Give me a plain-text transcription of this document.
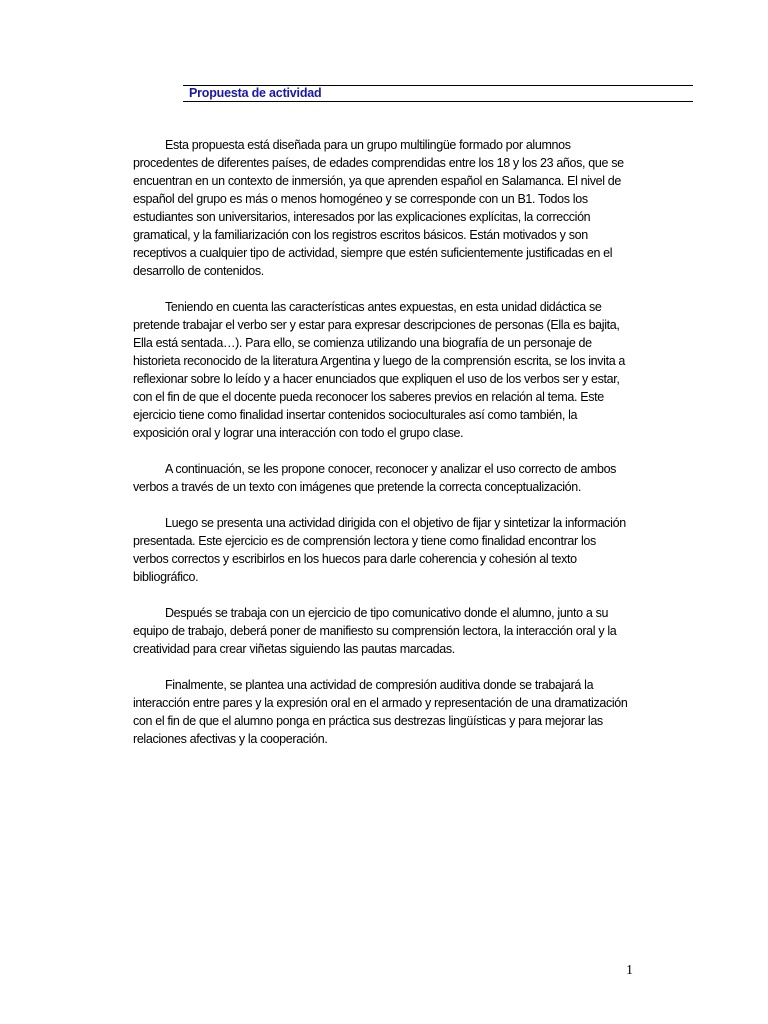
Propuesta de actividad

Esta propuesta está diseñada para un grupo multilingüe formado por alumnos procedentes de diferentes países, de edades comprendidas entre los 18 y los 23 años, que se encuentran en un contexto de inmersión, ya que aprenden español en Salamanca. El nivel de español del grupo es más o menos homogéneo y se corresponde con un B1. Todos los estudiantes son universitarios, interesados por las explicaciones explícitas, la corrección gramatical, y la familiarización con los registros escritos básicos. Están motivados y son receptivos a cualquier tipo de actividad, siempre que estén suficientemente justificadas en el desarrollo de contenidos.

Teniendo en cuenta las características antes expuestas, en esta unidad didáctica se pretende trabajar el verbo ser y estar para expresar descripciones de personas (Ella es bajita, Ella está sentada…). Para ello, se comienza utilizando una biografía de un personaje de historieta reconocido de la literatura Argentina y luego de la comprensión escrita, se los invita a reflexionar sobre lo leído y a hacer enunciados que expliquen el uso de los verbos ser y estar, con el fin de que el docente pueda reconocer los saberes previos en relación al tema. Este ejercicio tiene como finalidad insertar contenidos socioculturales así como también, la exposición oral y lograr una interacción con todo el grupo clase.

A continuación, se les propone conocer, reconocer y analizar el uso correcto de ambos verbos a través de un texto con imágenes que pretende la correcta conceptualización.

Luego se presenta una actividad dirigida con el objetivo de fijar y sintetizar la información presentada. Este ejercicio es de comprensión lectora y tiene como finalidad encontrar los verbos correctos y escribirlos en los huecos para darle coherencia y cohesión al texto bibliográfico.

Después se trabaja con un ejercicio de tipo comunicativo donde el alumno, junto a su equipo de trabajo, deberá poner de manifiesto su comprensión lectora, la interacción oral y la creatividad para crear viñetas siguiendo las pautas marcadas.

Finalmente, se plantea una actividad de compresión auditiva donde se trabajará la interacción entre pares y la expresión oral en el armado y representación de una dramatización con el fin de que el alumno ponga en práctica sus destrezas lingüísticas y para mejorar las relaciones afectivas y la cooperación.

1
